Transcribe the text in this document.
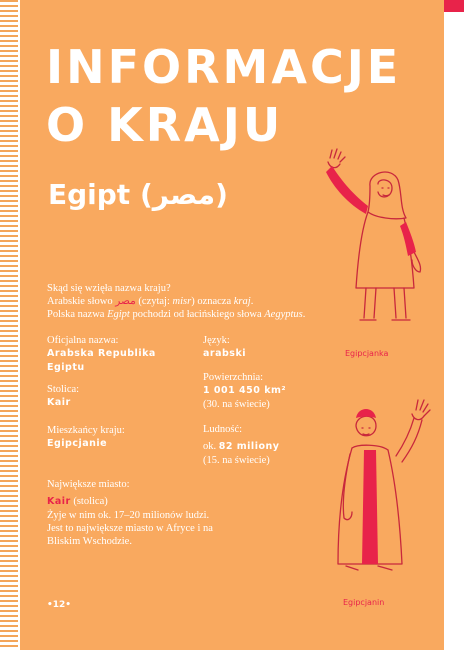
INFORMACJE
O KRAJU
Egipt (مصر)
Skąd się wzięła nazwa kraju?
Arabskie słowo مصر (czytaj: misr) oznacza kraj.
Polska nazwa Egipt pochodzi od łacińskiego słowa Aegyptus.
Oficjalna nazwa:
Arabska Republika
Egiptu
Stolica:
Kair
Mieszkańcy kraju:
Egipcjanie
Język:
arabski
Powierzchnia:
1 001 450 km²
(30. na świecie)
Ludność:
ok. 82 miliony
(15. na świecie)
Największe miasto:
Kair (stolica)
Żyje w nim ok. 17–20 milionów ludzi.
Jest to największe miasto w Afryce i na
Bliskim Wschodzie.
Egipcjanka
Egipcjanin
•12•
